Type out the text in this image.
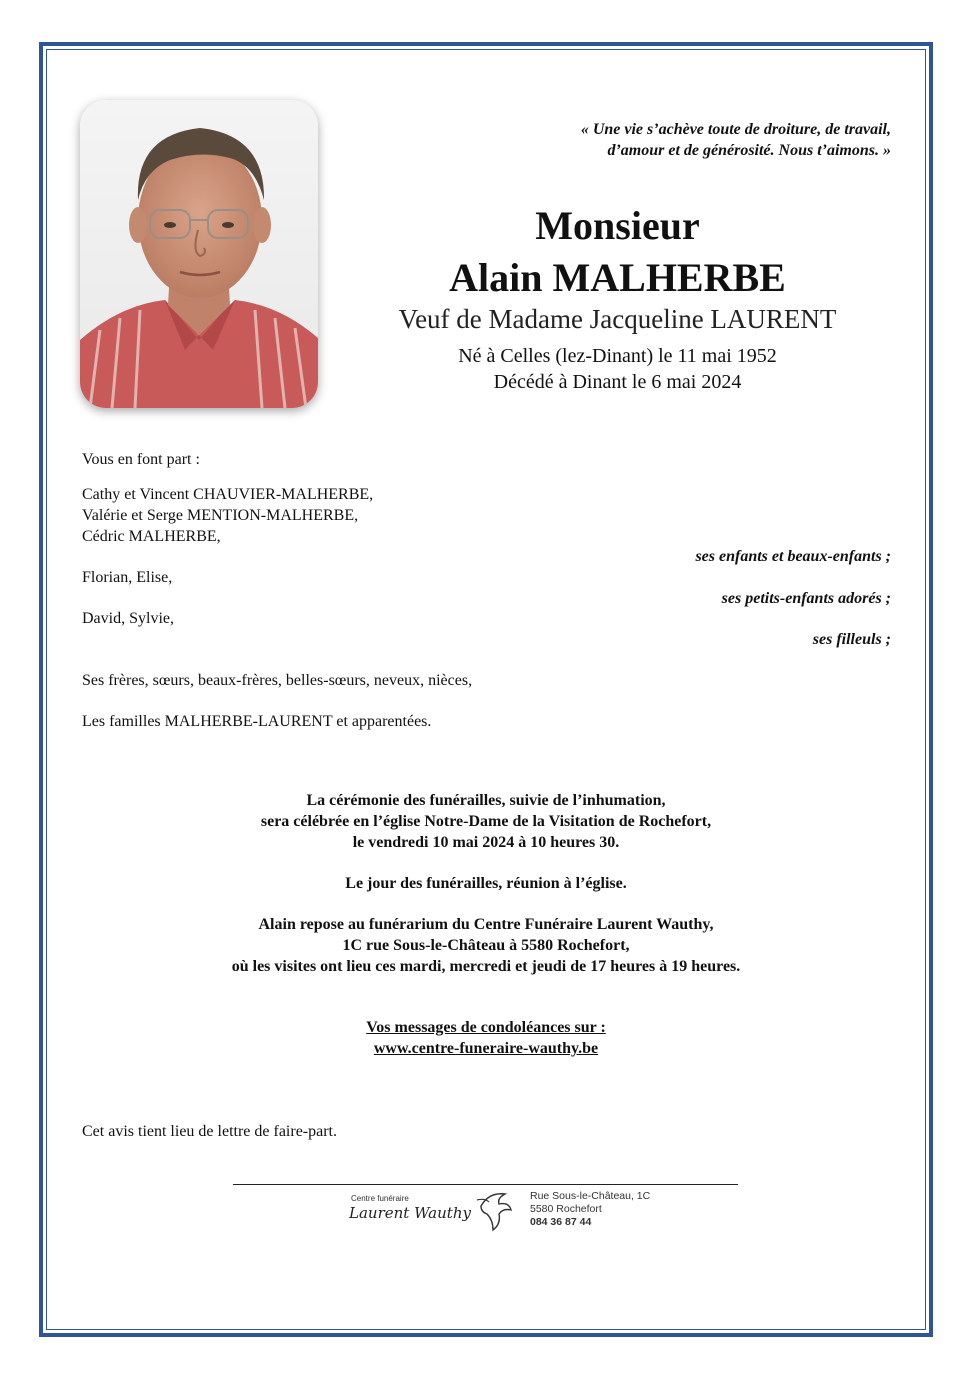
« Une vie s’achève toute de droiture, de travail,
d’amour et de générosité. Nous t’aimons. »
Monsieur
Alain MALHERBE
Veuf de Madame Jacqueline LAURENT
Né à Celles (lez-Dinant) le 11 mai 1952
Décédé à Dinant le 6 mai 2024
Vous en font part :
Cathy et Vincent CHAUVIER-MALHERBE,
Valérie et Serge MENTION-MALHERBE,
Cédric MALHERBE,
ses enfants et beaux-enfants ;
Florian, Elise,
ses petits-enfants adorés ;
David, Sylvie,
ses filleuls ;
Ses frères, sœurs, beaux-frères, belles-sœurs, neveux, nièces,
Les familles MALHERBE-LAURENT et apparentées.
La cérémonie des funérailles, suivie de l’inhumation,
sera célébrée en l’église Notre-Dame de la Visitation de Rochefort,
le vendredi 10 mai 2024 à 10 heures 30.
Le jour des funérailles, réunion à l’église.
Alain repose au funérarium du Centre Funéraire Laurent Wauthy,
1C rue Sous-le-Château à 5580 Rochefort,
où les visites ont lieu ces mardi, mercredi et jeudi de 17 heures à 19 heures.
Vos messages de condoléances sur :
www.centre-funeraire-wauthy.be
Cet avis tient lieu de lettre de faire-part.
Centre funéraire
Laurent Wauthy
Rue Sous-le-Château, 1C
5580 Rochefort
084 36 87 44
